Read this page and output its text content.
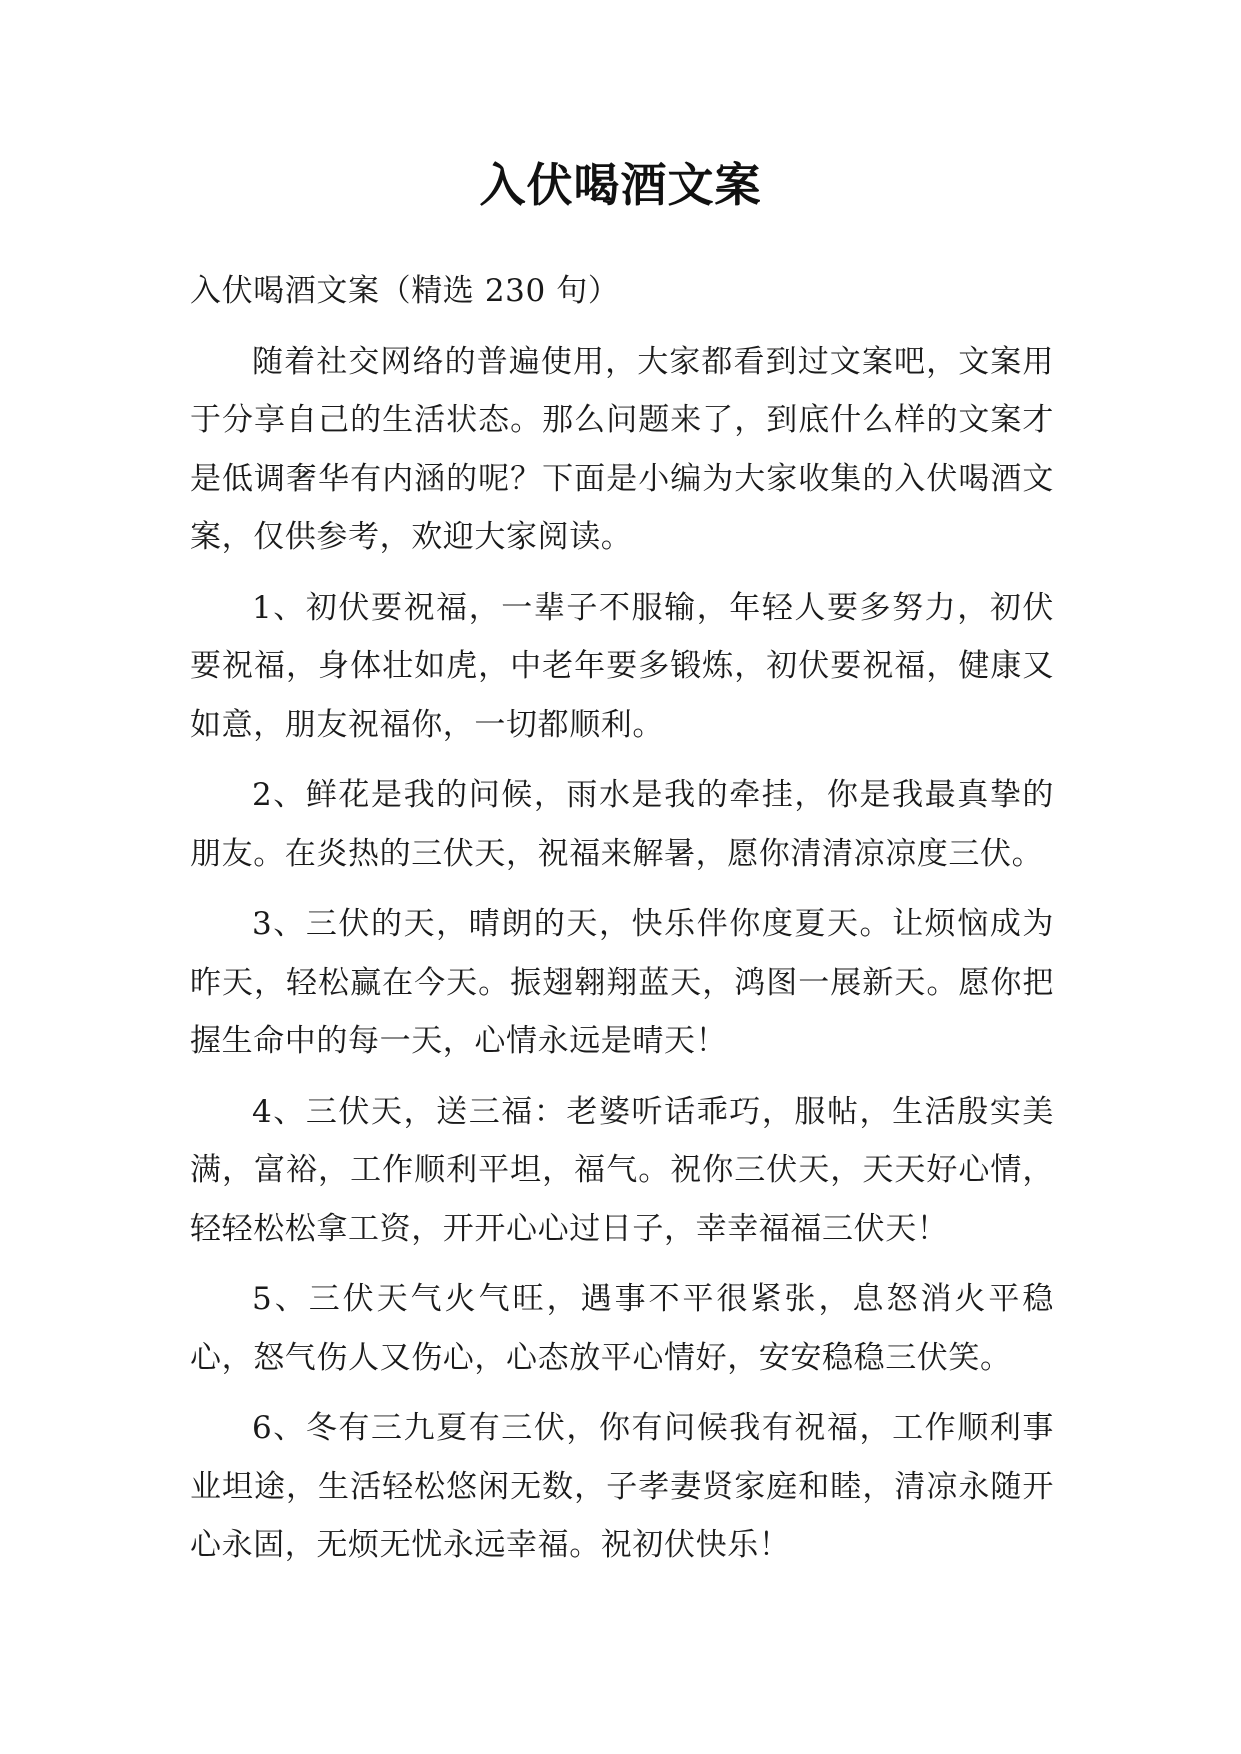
入伏喝酒文案

入伏喝酒文案（精选 230 句）

随着社交网络的普遍使用，大家都看到过文案吧，文案用于分享自己的生活状态。那么问题来了，到底什么样的文案才是低调奢华有内涵的呢？下面是小编为大家收集的入伏喝酒文案，仅供参考，欢迎大家阅读。

1、初伏要祝福，一辈子不服输，年轻人要多努力，初伏要祝福，身体壮如虎，中老年要多锻炼，初伏要祝福，健康又如意，朋友祝福你，一切都顺利。

2、鲜花是我的问候，雨水是我的牵挂，你是我最真挚的朋友。在炎热的三伏天，祝福来解暑，愿你清清凉凉度三伏。

3、三伏的天，晴朗的天，快乐伴你度夏天。让烦恼成为昨天，轻松赢在今天。振翅翱翔蓝天，鸿图一展新天。愿你把握生命中的每一天，心情永远是晴天！

4、三伏天，送三福：老婆听话乖巧，服帖，生活殷实美满，富裕，工作顺利平坦，福气。祝你三伏天，天天好心情，轻轻松松拿工资，开开心心过日子，幸幸福福三伏天！

5、三伏天气火气旺，遇事不平很紧张，息怒消火平稳心，怒气伤人又伤心，心态放平心情好，安安稳稳三伏笑。

6、冬有三九夏有三伏，你有问候我有祝福，工作顺利事业坦途，生活轻松悠闲无数，子孝妻贤家庭和睦，清凉永随开心永固，无烦无忧永远幸福。祝初伏快乐！
